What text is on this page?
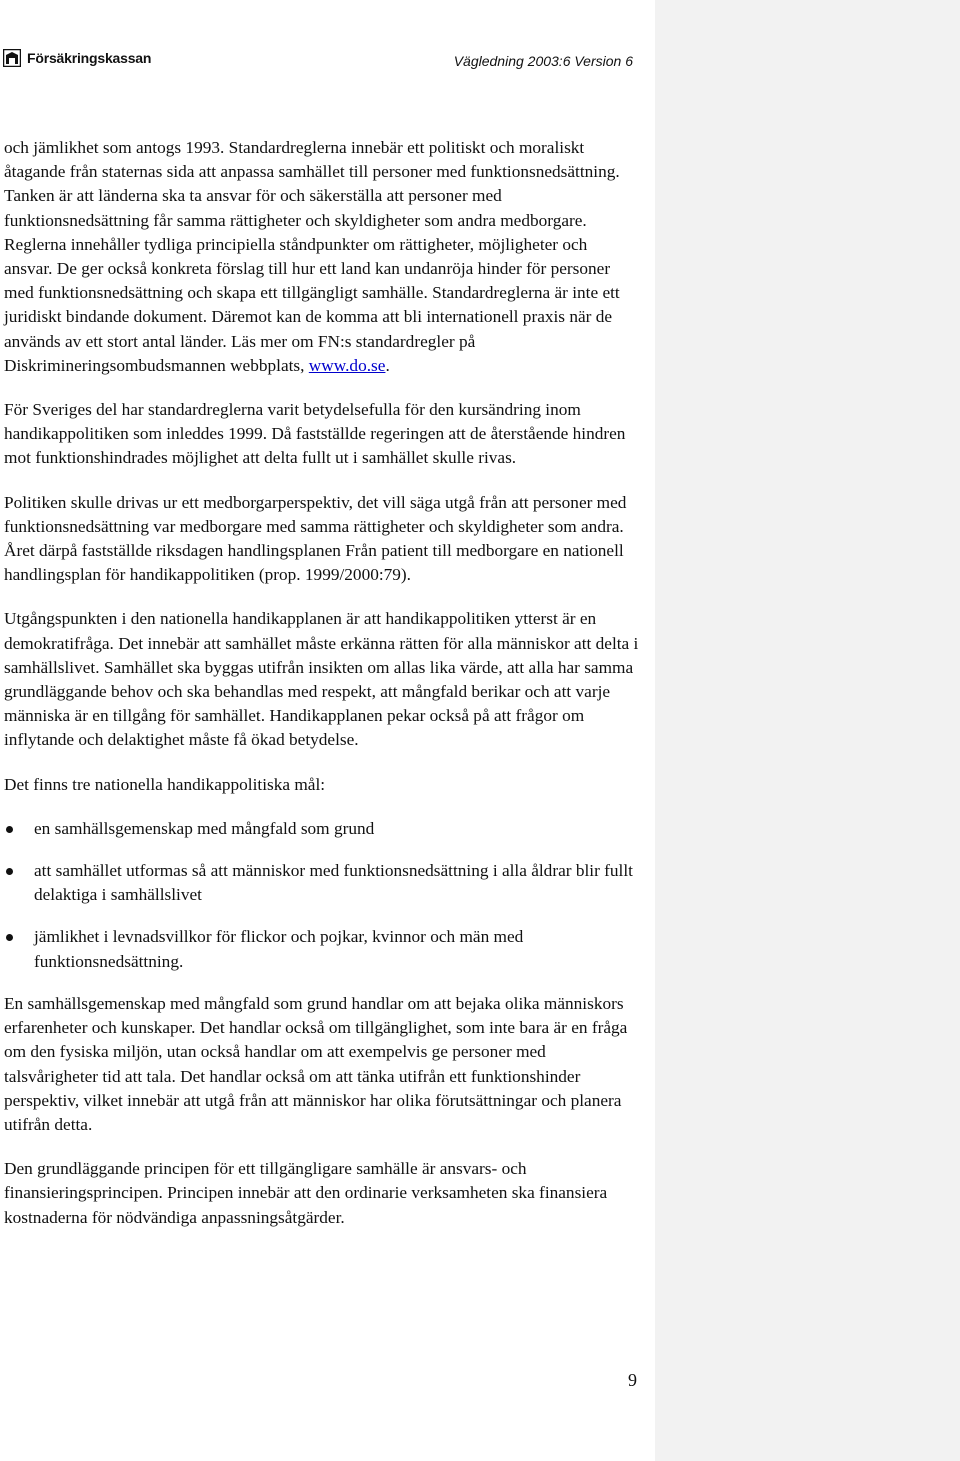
Försäkringskassan	Vägledning 2003:6 Version 6

och jämlikhet som antogs 1993. Standardreglerna innebär ett politiskt och moraliskt åtagande från staternas sida att anpassa samhället till personer med funktionsnedsättning. Tanken är att länderna ska ta ansvar för och säkerställa att personer med funktionsnedsättning får samma rättigheter och skyldigheter som andra medborgare. Reglerna innehåller tydliga principiella ståndpunkter om rättigheter, möjligheter och ansvar. De ger också konkreta förslag till hur ett land kan undanröja hinder för personer med funktionsnedsättning och skapa ett tillgängligt samhälle. Standardreglerna är inte ett juridiskt bindande dokument. Däremot kan de komma att bli internationell praxis när de används av ett stort antal länder. Läs mer om FN:s standardregler på Diskrimineringsombudsmannen webbplats, www.do.se.

För Sveriges del har standardreglerna varit betydelsefulla för den kursändring inom handikappolitiken som inleddes 1999. Då fastställde regeringen att de återstående hindren mot funktionshindrades möjlighet att delta fullt ut i samhället skulle rivas.

Politiken skulle drivas ur ett medborgarperspektiv, det vill säga utgå från att personer med funktionsnedsättning var medborgare med samma rättigheter och skyldigheter som andra. Året därpå fastställde riksdagen handlingsplanen Från patient till medborgare en nationell handlingsplan för handikappolitiken (prop. 1999/2000:79).

Utgångspunkten i den nationella handikapplanen är att handikappolitiken ytterst är en demokratifråga. Det innebär att samhället måste erkänna rätten för alla människor att delta i samhällslivet. Samhället ska byggas utifrån insikten om allas lika värde, att alla har samma grundläggande behov och ska behandlas med respekt, att mångfald berikar och att varje människa är en tillgång för samhället. Handikapplanen pekar också på att frågor om inflytande och delaktighet måste få ökad betydelse.

Det finns tre nationella handikappolitiska mål:

en samhällsgemenskap med mångfald som grund
att samhället utformas så att människor med funktionsnedsättning i alla åldrar blir fullt delaktiga i samhällslivet
jämlikhet i levnadsvillkor för flickor och pojkar, kvinnor och män med funktionsnedsättning.

En samhällsgemenskap med mångfald som grund handlar om att bejaka olika människors erfarenheter och kunskaper. Det handlar också om tillgänglighet, som inte bara är en fråga om den fysiska miljön, utan också handlar om att exempelvis ge personer med talsvårigheter tid att tala. Det handlar också om att tänka utifrån ett funktionshinder perspektiv, vilket innebär att utgå från att människor har olika förutsättningar och planera utifrån detta.

Den grundläggande principen för ett tillgängligare samhälle är ansvars- och finansieringsprincipen. Principen innebär att den ordinarie verksamheten ska finansiera kostnaderna för nödvändiga anpassningsåtgärder.

9
